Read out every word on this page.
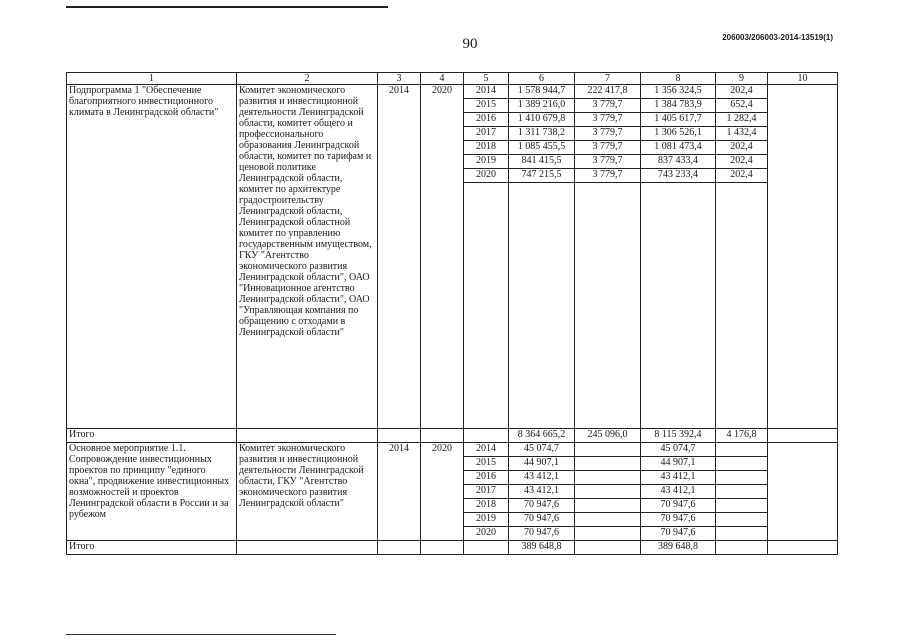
90	206003/206003-2014-13519(1)
1	2	3	4	5	6	7	8	9	10
Подпрограмма 1 "Обеспечение благоприятного инвестиционного климата в Ленинградской области"	Комитет экономического развития и инвестиционной деятельности Ленинградской области, комитет общего и профессионального образования Ленинградской области, комитет по тарифам и ценовой политике Ленинградской области, комитет по архитектуре градостроительству Ленинградской области, Ленинградской областной комитет по управлению государственным имуществом, ГКУ "Агентство экономического развития Ленинградской области", ОАО "Инновационное агентство Ленинградской области", ОАО "Управляющая компания по обращению с отходами в Ленинградской области"	2014	2020	2014	1 578 944,7	222 417,8	1 356 324,5	202,4	
				2015	1 389 216,0	3 779,7	1 384 783,9	652,4	
				2016	1 410 679,8	3 779,7	1 405 617,7	1 282,4	
				2017	1 311 738,2	3 779,7	1 306 526,1	1 432,4	
				2018	1 085 455,5	3 779,7	1 081 473,4	202,4	
				2019	841 415,5	3 779,7	837 433,4	202,4	
				2020	747 215,5	3 779,7	743 233,4	202,4	

Итого					8 364 665,2	245 096,0	8 115 392,4	4 176,8	
Основное мероприятие 1.1. Сопровождение инвестиционных проектов по принципу "единого окна", продвижение инвестиционных возможностей и проектов Ленинградской области в России и за рубежом	Комитет экономического развития и инвестиционной деятельности Ленинградской области, ГКУ "Агентство экономического развития Ленинградской области"	2014	2020	2014	45 074,7		45 074,7		
				2015	44 907,1		44 907,1		
				2016	43 412,1		43 412,1		
				2017	43 412,1		43 412,1		
				2018	70 947,6		70 947,6		
				2019	70 947,6		70 947,6		
				2020	70 947,6		70 947,6		
Итого					389 648,8		389 648,8		
